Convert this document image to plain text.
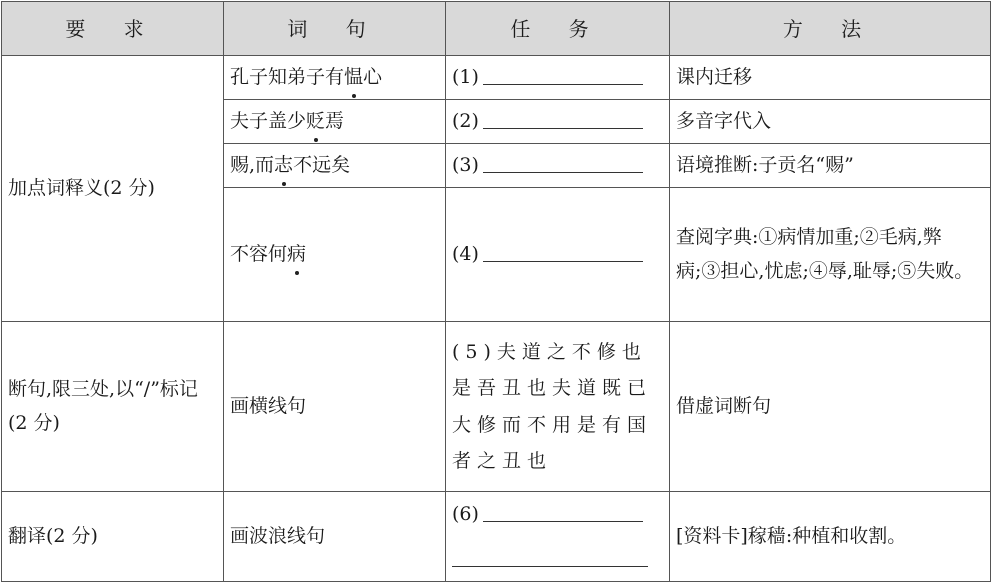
要 求	词 句	任 务	方 法
加点词释义(2 分)	孔子知弟子有愠心	(1)	课内迁移
	夫子盖少贬焉	(2)	多音字代入
	赐,而志不远矣	(3)	语境推断:子贡名“赐”
	不容何病	(4)	查阅字典:①病情加重;②毛病,弊病;③担心,忧虑;④辱,耻辱;⑤失败。
断句,限三处,以“/”标记(2 分)	画横线句	(5)夫道之不修也是吾丑也夫道既已大修而不用是有国者之丑也	借虚词断句
翻译(2 分)	画波浪线句	(6)	[资料卡]稼穑:种植和收割。
